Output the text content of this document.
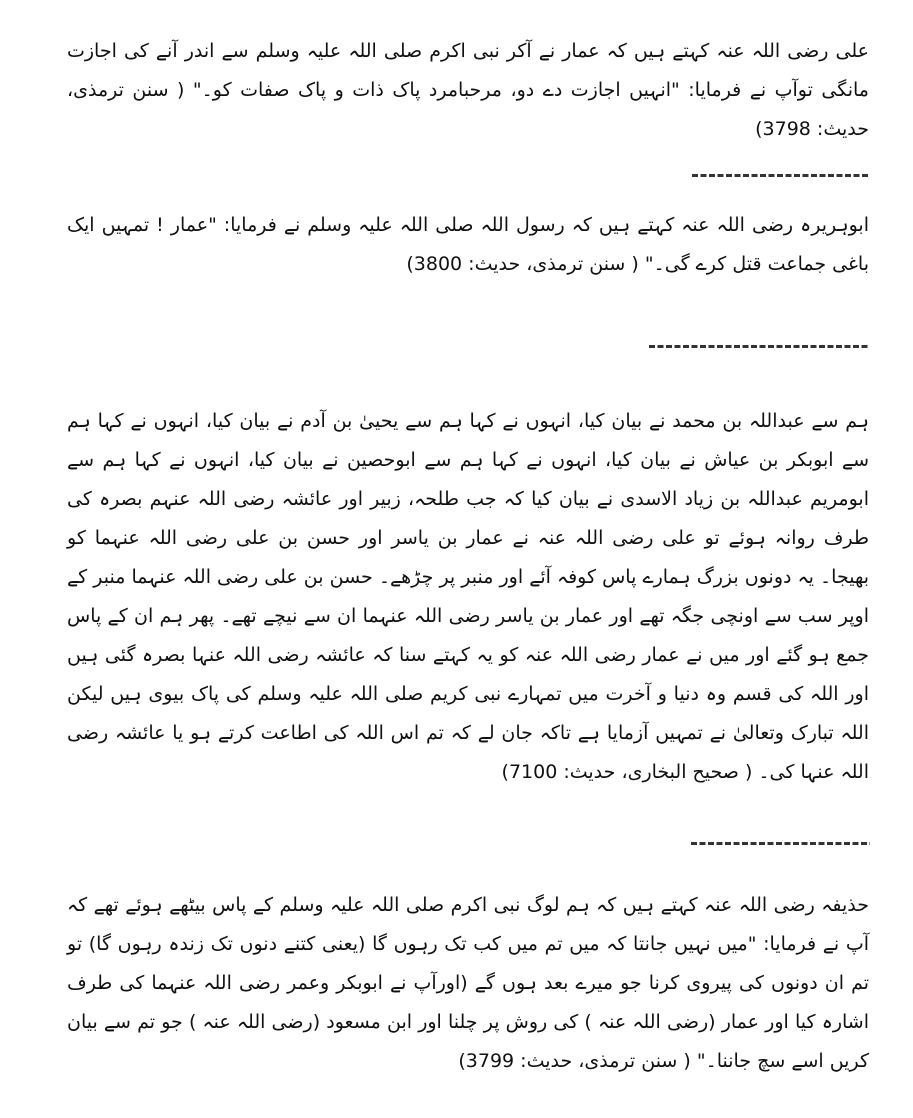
علی رضی اللہ عنہ کہتے ہیں کہ عمار نے آکر نبی اکرم صلی اللہ علیہ وسلم سے اندر آنے کی اجازت مانگی توآپ نے فرمایا: "انہیں اجازت دے دو، مرحبامرد پاک ذات و پاک صفات کو۔" ( سنن ترمذی، حدیث: 3798)

ابوہریرہ رضی اللہ عنہ کہتے ہیں کہ رسول اللہ صلی اللہ علیہ وسلم نے فرمایا: "عمار ! تمہیں ایک باغی جماعت قتل کرے گی۔" ( سنن ترمذی، حدیث: 3800)

ہم سے عبداللہ بن محمد نے بیان کیا، انہوں نے کہا ہم سے یحییٰ بن آدم نے بیان کیا، انہوں نے کہا ہم سے ابوبکر بن عیاش نے بیان کیا، انہوں نے کہا ہم سے ابوحصین نے بیان کیا، انہوں نے کہا ہم سے ابومریم عبداللہ بن زیاد الاسدی نے بیان کیا کہ جب طلحہ، زبیر اور عائشہ رضی اللہ عنہم بصرہ کی طرف روانہ ہوئے تو علی رضی اللہ عنہ نے عمار بن یاسر اور حسن بن علی رضی اللہ عنہما کو بھیجا۔ یہ دونوں بزرگ ہمارے پاس کوفہ آئے اور منبر پر چڑھے۔ حسن بن علی رضی اللہ عنہما منبر کے اوپر سب سے اونچی جگہ تھے اور عمار بن یاسر رضی اللہ عنہما ان سے نیچے تھے۔ پھر ہم ان کے پاس جمع ہو گئے اور میں نے عمار رضی اللہ عنہ کو یہ کہتے سنا کہ عائشہ رضی اللہ عنہا بصرہ گئی ہیں اور اللہ کی قسم وہ دنیا و آخرت میں تمہارے نبی کریم صلی اللہ علیہ وسلم کی پاک بیوی ہیں لیکن اللہ تبارک وتعالیٰ نے تمہیں آزمایا ہے تاکہ جان لے کہ تم اس اللہ کی اطاعت کرتے ہو یا عائشہ رضی اللہ عنہا کی۔ ( صحیح البخاری، حدیث: 7100)

حذیفہ رضی اللہ عنہ کہتے ہیں کہ ہم لوگ نبی اکرم صلی اللہ علیہ وسلم کے پاس بیٹھے ہوئے تھے کہ آپ نے فرمایا: "میں نہیں جانتا کہ میں تم میں کب تک رہوں گا (یعنی کتنے دنوں تک زندہ رہوں گا) تو تم ان دونوں کی پیروی کرنا جو میرے بعد ہوں گے (اورآپ نے ابوبکر وعمر رضی اللہ عنہما کی طرف اشارہ کیا اور عمار (رضی اللہ عنہ ) کی روش پر چلنا اور ابن مسعود (رضی اللہ عنہ ) جو تم سے بیان کریں اسے سچ جاننا۔" ( سنن ترمذی، حدیث: 3799)
